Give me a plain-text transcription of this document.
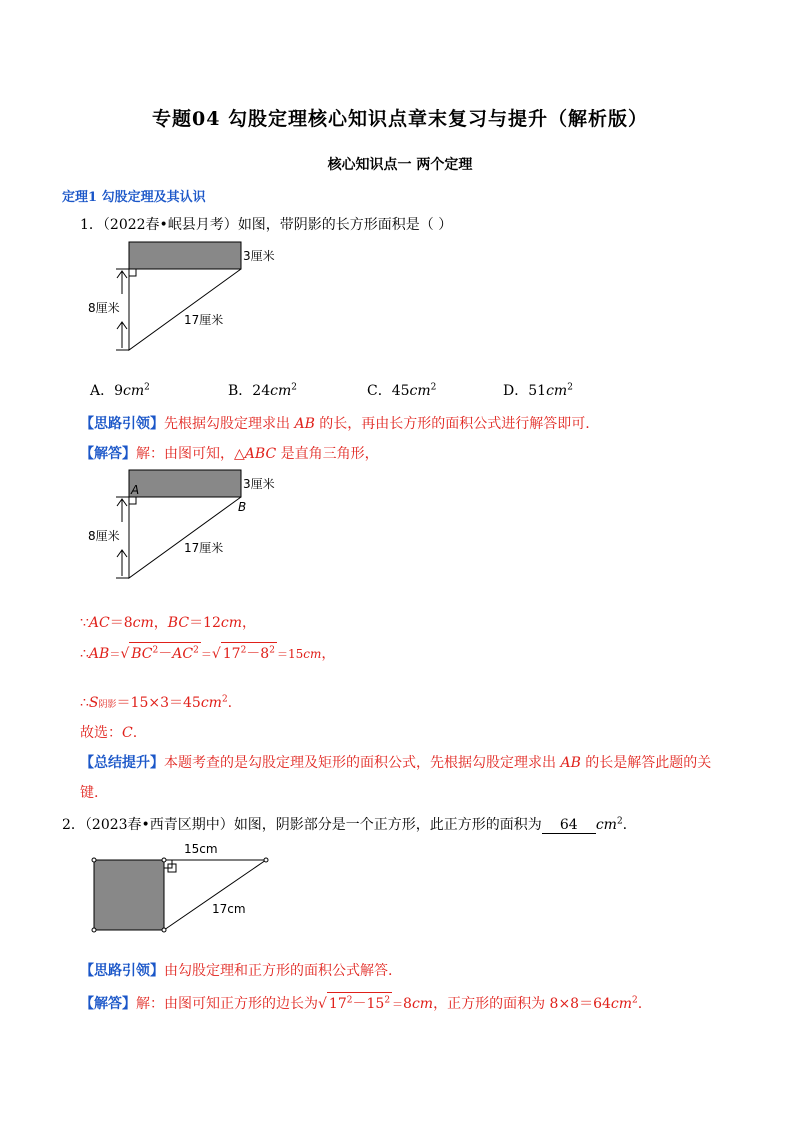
专题04 勾股定理核心知识点章末复习与提升（解析版）
核心知识点一 两个定理
定理1 勾股定理及其认识
1．（2022春•岷县月考）如图，带阴影的长方形面积是（ ）
3厘米
8厘米
17厘米
A．$9cm^2$	B．$24cm^2$	C．$45cm^2$	D．$51cm^2$
【思路引领】先根据勾股定理求出 AB 的长，再由长方形的面积公式进行解答即可.
【解答】解：由图可知，△ABC 是直角三角形，
3厘米
8厘米
17厘米
A
B
∵AC＝8cm，BC＝12cm，
∴AB＝√ $BC^2-AC^2$ ＝√ $17^2-8^2 =15cm$，
∴S阴影$=15\times 3=45cm^2$.
故选：C.
【总结提升】本题考查的是勾股定理及矩形的面积公式，先根据勾股定理求出 AB 的长是解答此题的关
键.
2．（2023春•西青区期中）如图，阴影部分是一个正方形，此正方形的面积为 64 $cm^2$.
15cm
17cm
【思路引领】由勾股定理和正方形的面积公式解答.
【解答】解：由图可知正方形的边长为√ $17^2-15^2 =8cm$，正方形的面积为 $8\times 8=64cm^2$.
